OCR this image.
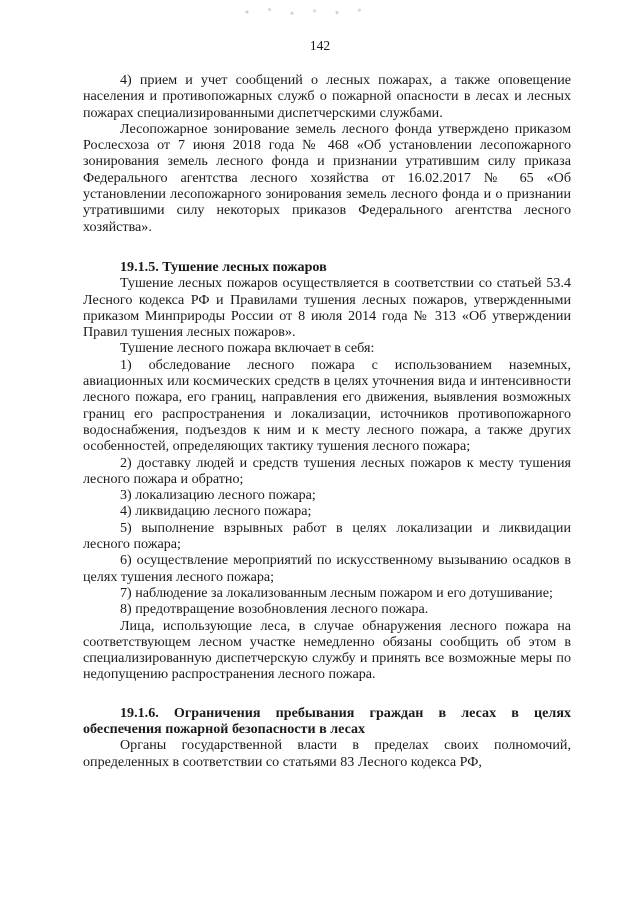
142

4) прием и учет сообщений о лесных пожарах, а также оповещение населения и противопожарных служб о пожарной опасности в лесах и лесных пожарах специализированными диспетчерскими службами.

Лесопожарное зонирование земель лесного фонда утверждено приказом Рослесхоза от 7 июня 2018 года № 468 «Об установлении лесопожарного зонирования земель лесного фонда и признании утратившим силу приказа Федерального агентства лесного хозяйства от 16.02.2017 № 65 «Об установлении лесопожарного зонирования земель лесного фонда и о признании утратившими силу некоторых приказов Федерального агентства лесного хозяйства».

19.1.5. Тушение лесных пожаров

Тушение лесных пожаров осуществляется в соответствии со статьей 53.4 Лесного кодекса РФ и Правилами тушения лесных пожаров, утвержденными приказом Минприроды России от 8 июля 2014 года № 313 «Об утверждении Правил тушения лесных пожаров».

Тушение лесного пожара включает в себя:

1) обследование лесного пожара с использованием наземных, авиационных или космических средств в целях уточнения вида и интенсивности лесного пожара, его границ, направления его движения, выявления возможных границ его распространения и локализации, источников противопожарного водоснабжения, подъездов к ним и к месту лесного пожара, а также других особенностей, определяющих тактику тушения лесного пожара;

2) доставку людей и средств тушения лесных пожаров к месту тушения лесного пожара и обратно;

3) локализацию лесного пожара;

4) ликвидацию лесного пожара;

5) выполнение взрывных работ в целях локализации и ликвидации лесного пожара;

6) осуществление мероприятий по искусственному вызыванию осадков в целях тушения лесного пожара;

7) наблюдение за локализованным лесным пожаром и его дотушивание;

8) предотвращение возобновления лесного пожара.

Лица, использующие леса, в случае обнаружения лесного пожара на соответствующем лесном участке немедленно обязаны сообщить об этом в специализированную диспетчерскую службу и принять все возможные меры по недопущению распространения лесного пожара.

19.1.6. Ограничения пребывания граждан в лесах в целях обеспечения пожарной безопасности в лесах

Органы государственной власти в пределах своих полномочий, определенных в соответствии со статьями 83 Лесного кодекса РФ,
